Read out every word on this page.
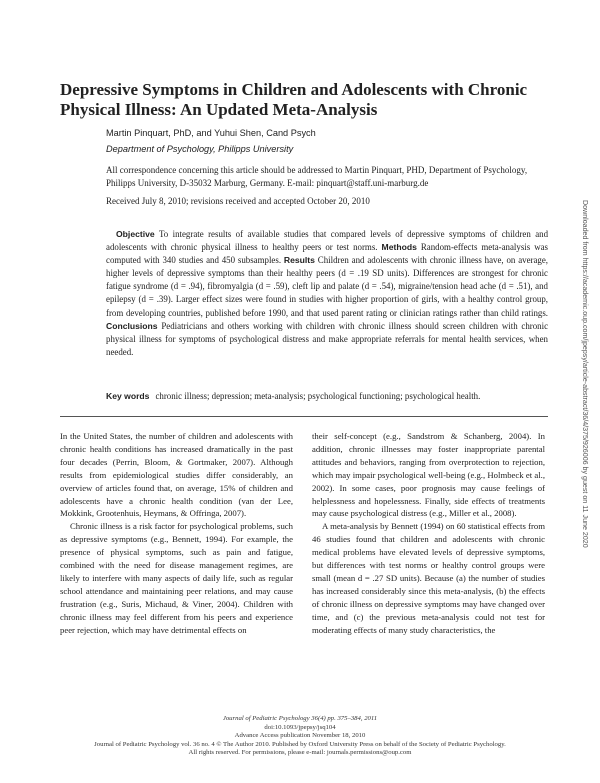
Depressive Symptoms in Children and Adolescents with Chronic Physical Illness: An Updated Meta-Analysis
Martin Pinquart, PhD, and Yuhui Shen, Cand Psych
Department of Psychology, Philipps University
All correspondence concerning this article should be addressed to Martin Pinquart, PHD, Department of Psychology, Philipps University, D-35032 Marburg, Germany. E-mail: pinquart@staff.uni-marburg.de
Received July 8, 2010; revisions received and accepted October 20, 2010
Objective To integrate results of available studies that compared levels of depressive symptoms of children and adolescents with chronic physical illness to healthy peers or test norms. Methods Random-effects meta-analysis was computed with 340 studies and 450 subsamples. Results Children and adolescents with chronic illness have, on average, higher levels of depressive symptoms than their healthy peers (d = .19 SD units). Differences are strongest for chronic fatigue syndrome (d = .94), fibromyalgia (d = .59), cleft lip and palate (d = .54), migraine/tension head ache (d = .51), and epilepsy (d = .39). Larger effect sizes were found in studies with higher proportion of girls, with a healthy control group, from developing countries, published before 1990, and that used parent rating or clinician ratings rather than child ratings. Conclusions Pediatricians and others working with children with chronic illness should screen children with chronic physical illness for symptoms of psychological distress and make appropriate referrals for mental health services, when needed.
Key words chronic illness; depression; meta-analysis; psychological functioning; psychological health.

In the United States, the number of children and adolescents with chronic health conditions has increased dramatically in the past four decades (Perrin, Bloom, & Gortmaker, 2007). Although results from epidemiological studies differ considerably, an overview of articles found that, on average, 15% of children and adolescents have a chronic health condition (van der Lee, Mokkink, Grootenhuis, Heymans, & Offringa, 2007).

Chronic illness is a risk factor for psychological problems, such as depressive symptoms (e.g., Bennett, 1994). For example, the presence of physical symptoms, such as pain and fatigue, combined with the need for disease management regimes, are likely to interfere with many aspects of daily life, such as regular school attendance and maintaining peer relations, and may cause frustration (e.g., Suris, Michaud, & Viner, 2004). Children with chronic illness may feel different from his peers and experience peer rejection, which may have detrimental effects on

their self-concept (e.g., Sandstrom & Schanberg, 2004). In addition, chronic illnesses may foster inappropriate parental attitudes and behaviors, ranging from overprotection to rejection, which may impair psychological well-being (e.g., Holmbeck et al., 2002). In some cases, poor prognosis may cause feelings of helplessness and hopelessness. Finally, side effects of treatments may cause psychological distress (e.g., Miller et al., 2008).

A meta-analysis by Bennett (1994) on 60 statistical effects from 46 studies found that children and adolescents with chronic medical problems have elevated levels of depressive symptoms, but differences with test norms or healthy control groups were small (mean d = .27 SD units). Because (a) the number of studies has increased considerably since this meta-analysis, (b) the effects of chronic illness on depressive symptoms may have changed over time, and (c) the previous meta-analysis could not test for moderating effects of many study characteristics, the

Journal of Pediatric Psychology 36(4) pp. 375–384, 2011
doi:10.1093/jpepsy/jsq104
Advance Access publication November 18, 2010
Journal of Pediatric Psychology vol. 36 no. 4 © The Author 2010. Published by Oxford University Press on behalf of the Society of Pediatric Psychology.
All rights reserved. For permissions, please e-mail: journals.permissions@oup.com
Downloaded from https://academic.oup.com/jpepsy/article-abstract/36/4/375/926006 by guest on 11 June 2020
